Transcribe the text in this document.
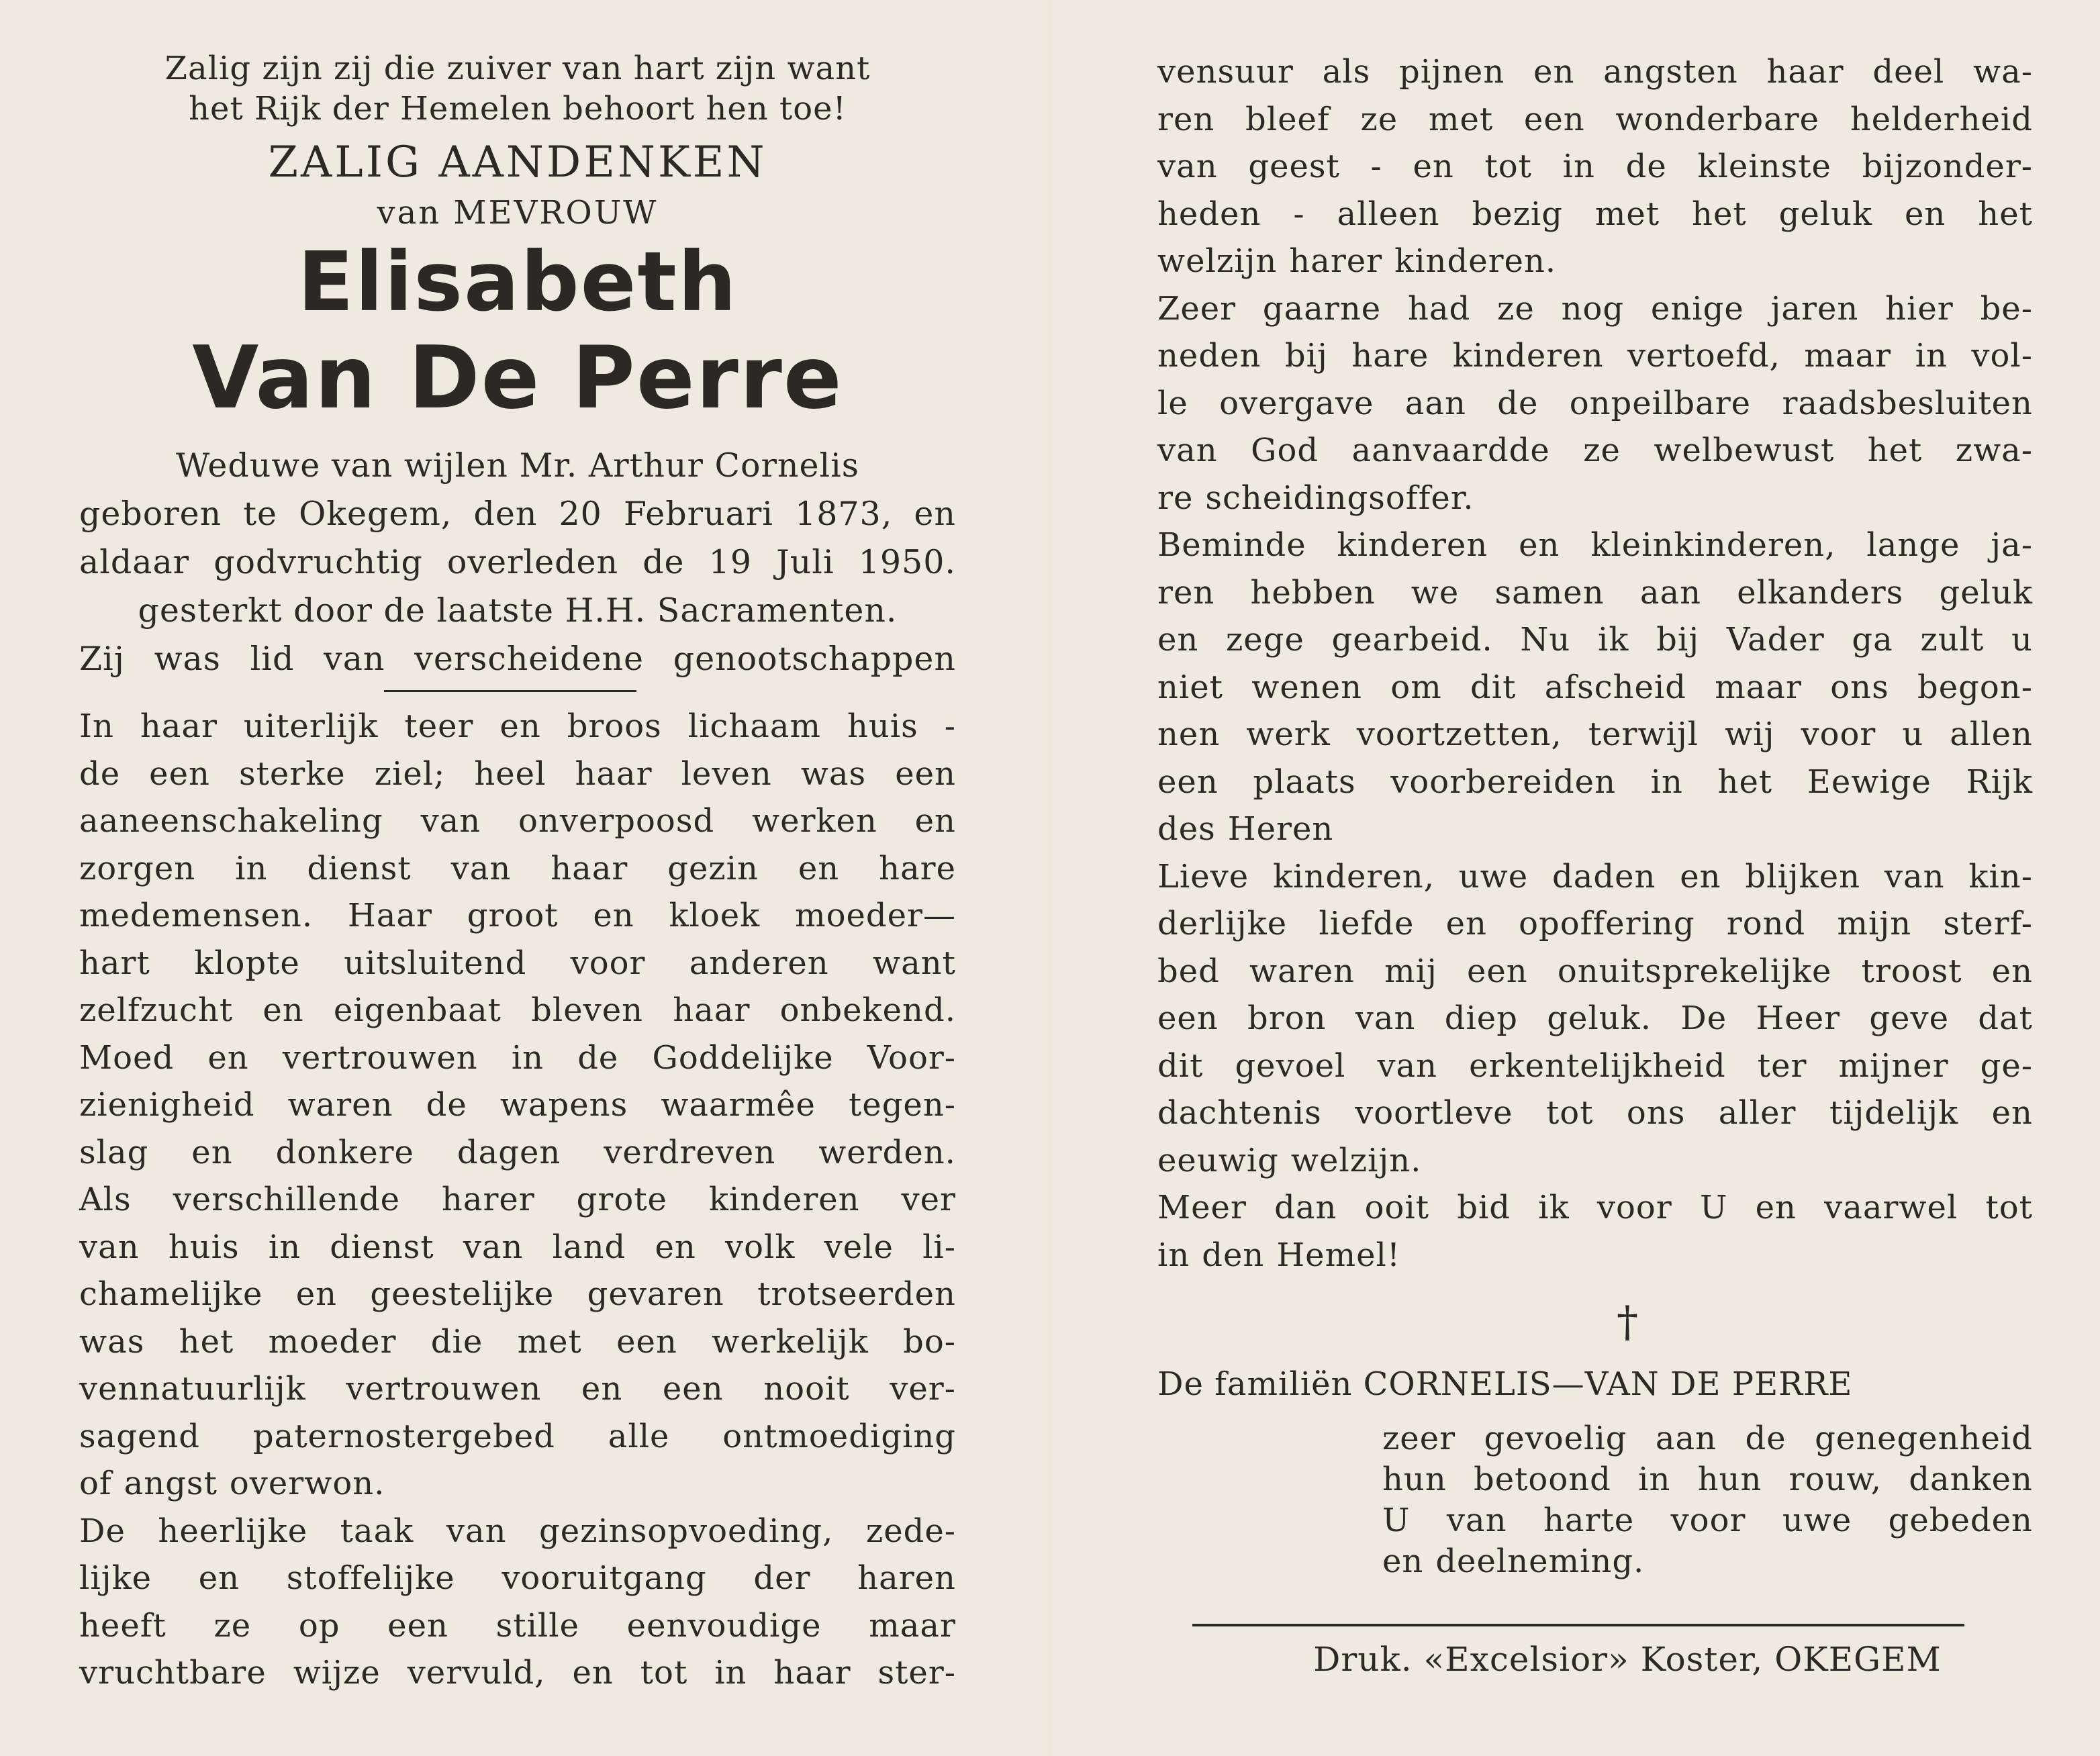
Zalig zijn zij die zuiver van hart zijn want
het Rijk der Hemelen behoort hen toe!
ZALIG AANDENKEN
van MEVROUW
Elisabeth
Van De Perre
Weduwe van wijlen Mr. Arthur Cornelis
geboren te Okegem, den 20 Februari 1873, en
aldaar godvruchtig overleden de 19 Juli 1950.
gesterkt door de laatste H.H. Sacramenten.
Zij was lid van verscheidene genootschappen
In haar uiterlijk teer en broos lichaam huis -
de een sterke ziel; heel haar leven was een
aaneenschakeling van onverpoosd werken en
zorgen in dienst van haar gezin en hare
medemensen. Haar groot en kloek moeder—
hart klopte uitsluitend voor anderen want
zelfzucht en eigenbaat bleven haar onbekend.
Moed en vertrouwen in de Goddelijke Voor-
zienigheid waren de wapens waarmêe tegen-
slag en donkere dagen verdreven werden.
Als verschillende harer grote kinderen ver
van huis in dienst van land en volk vele li-
chamelijke en geestelijke gevaren trotseerden
was het moeder die met een werkelijk bo-
vennatuurlijk vertrouwen en een nooit ver-
sagend paternostergebed alle ontmoediging
of angst overwon.
De heerlijke taak van gezinsopvoeding, zede-
lijke en stoffelijke vooruitgang der haren
heeft ze op een stille eenvoudige maar
vruchtbare wijze vervuld, en tot in haar ster-
vensuur als pijnen en angsten haar deel wa-
ren bleef ze met een wonderbare helderheid
van geest - en tot in de kleinste bijzonder-
heden - alleen bezig met het geluk en het
welzijn harer kinderen.
Zeer gaarne had ze nog enige jaren hier be-
neden bij hare kinderen vertoefd, maar in vol-
le overgave aan de onpeilbare raadsbesluiten
van God aanvaardde ze welbewust het zwa-
re scheidingsoffer.
Beminde kinderen en kleinkinderen, lange ja-
ren hebben we samen aan elkanders geluk
en zege gearbeid. Nu ik bij Vader ga zult u
niet wenen om dit afscheid maar ons begon-
nen werk voortzetten, terwijl wij voor u allen
een plaats voorbereiden in het Eewige Rijk
des Heren
Lieve kinderen, uwe daden en blijken van kin-
derlijke liefde en opoffering rond mijn sterf-
bed waren mij een onuitsprekelijke troost en
een bron van diep geluk. De Heer geve dat
dit gevoel van erkentelijkheid ter mijner ge-
dachtenis voortleve tot ons aller tijdelijk en
eeuwig welzijn.
Meer dan ooit bid ik voor U en vaarwel tot
in den Hemel!
†
De familiën CORNELIS—VAN DE PERRE
zeer gevoelig aan de genegenheid
hun betoond in hun rouw, danken
U van harte voor uwe gebeden
en deelneming.
Druk. «Excelsior» Koster, OKEGEM
